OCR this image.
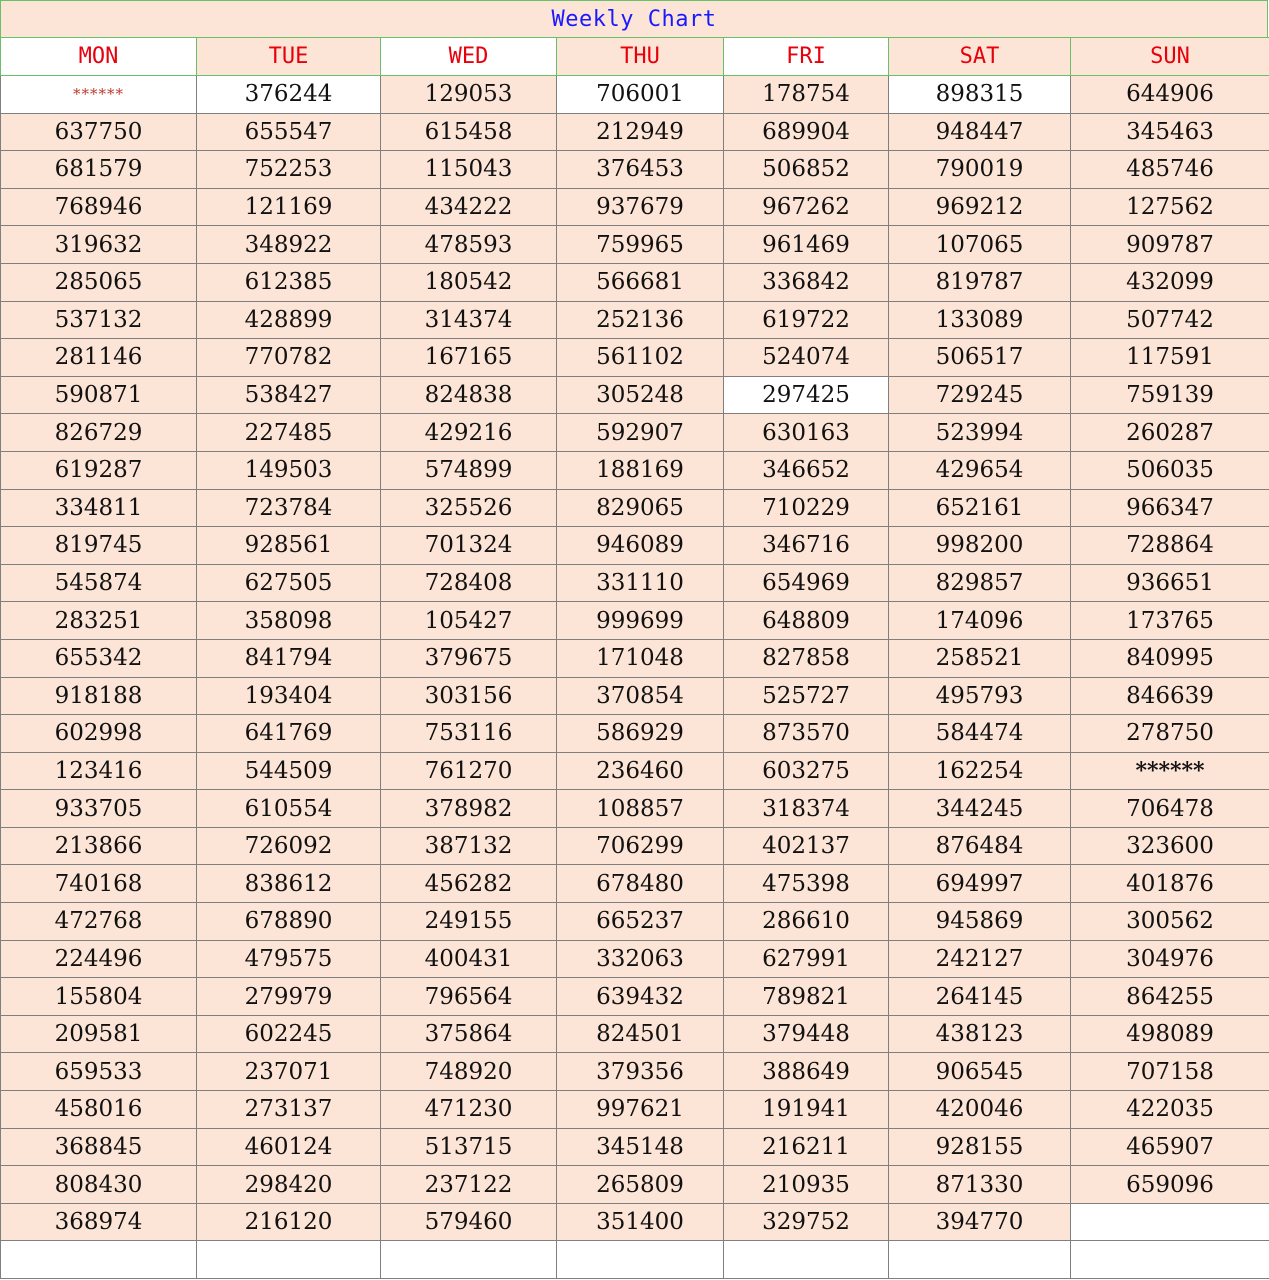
Weekly Chart
MON	TUE	WED	THU	FRI	SAT	SUN
******	376244	129053	706001	178754	898315	644906
637750	655547	615458	212949	689904	948447	345463
681579	752253	115043	376453	506852	790019	485746
768946	121169	434222	937679	967262	969212	127562
319632	348922	478593	759965	961469	107065	909787
285065	612385	180542	566681	336842	819787	432099
537132	428899	314374	252136	619722	133089	507742
281146	770782	167165	561102	524074	506517	117591
590871	538427	824838	305248	297425	729245	759139
826729	227485	429216	592907	630163	523994	260287
619287	149503	574899	188169	346652	429654	506035
334811	723784	325526	829065	710229	652161	966347
819745	928561	701324	946089	346716	998200	728864
545874	627505	728408	331110	654969	829857	936651
283251	358098	105427	999699	648809	174096	173765
655342	841794	379675	171048	827858	258521	840995
918188	193404	303156	370854	525727	495793	846639
602998	641769	753116	586929	873570	584474	278750
123416	544509	761270	236460	603275	162254	******
933705	610554	378982	108857	318374	344245	706478
213866	726092	387132	706299	402137	876484	323600
740168	838612	456282	678480	475398	694997	401876
472768	678890	249155	665237	286610	945869	300562
224496	479575	400431	332063	627991	242127	304976
155804	279979	796564	639432	789821	264145	864255
209581	602245	375864	824501	379448	438123	498089
659533	237071	748920	379356	388649	906545	707158
458016	273137	471230	997621	191941	420046	422035
368845	460124	513715	345148	216211	928155	465907
808430	298420	237122	265809	210935	871330	659096
368974	216120	579460	351400	329752	394770	
